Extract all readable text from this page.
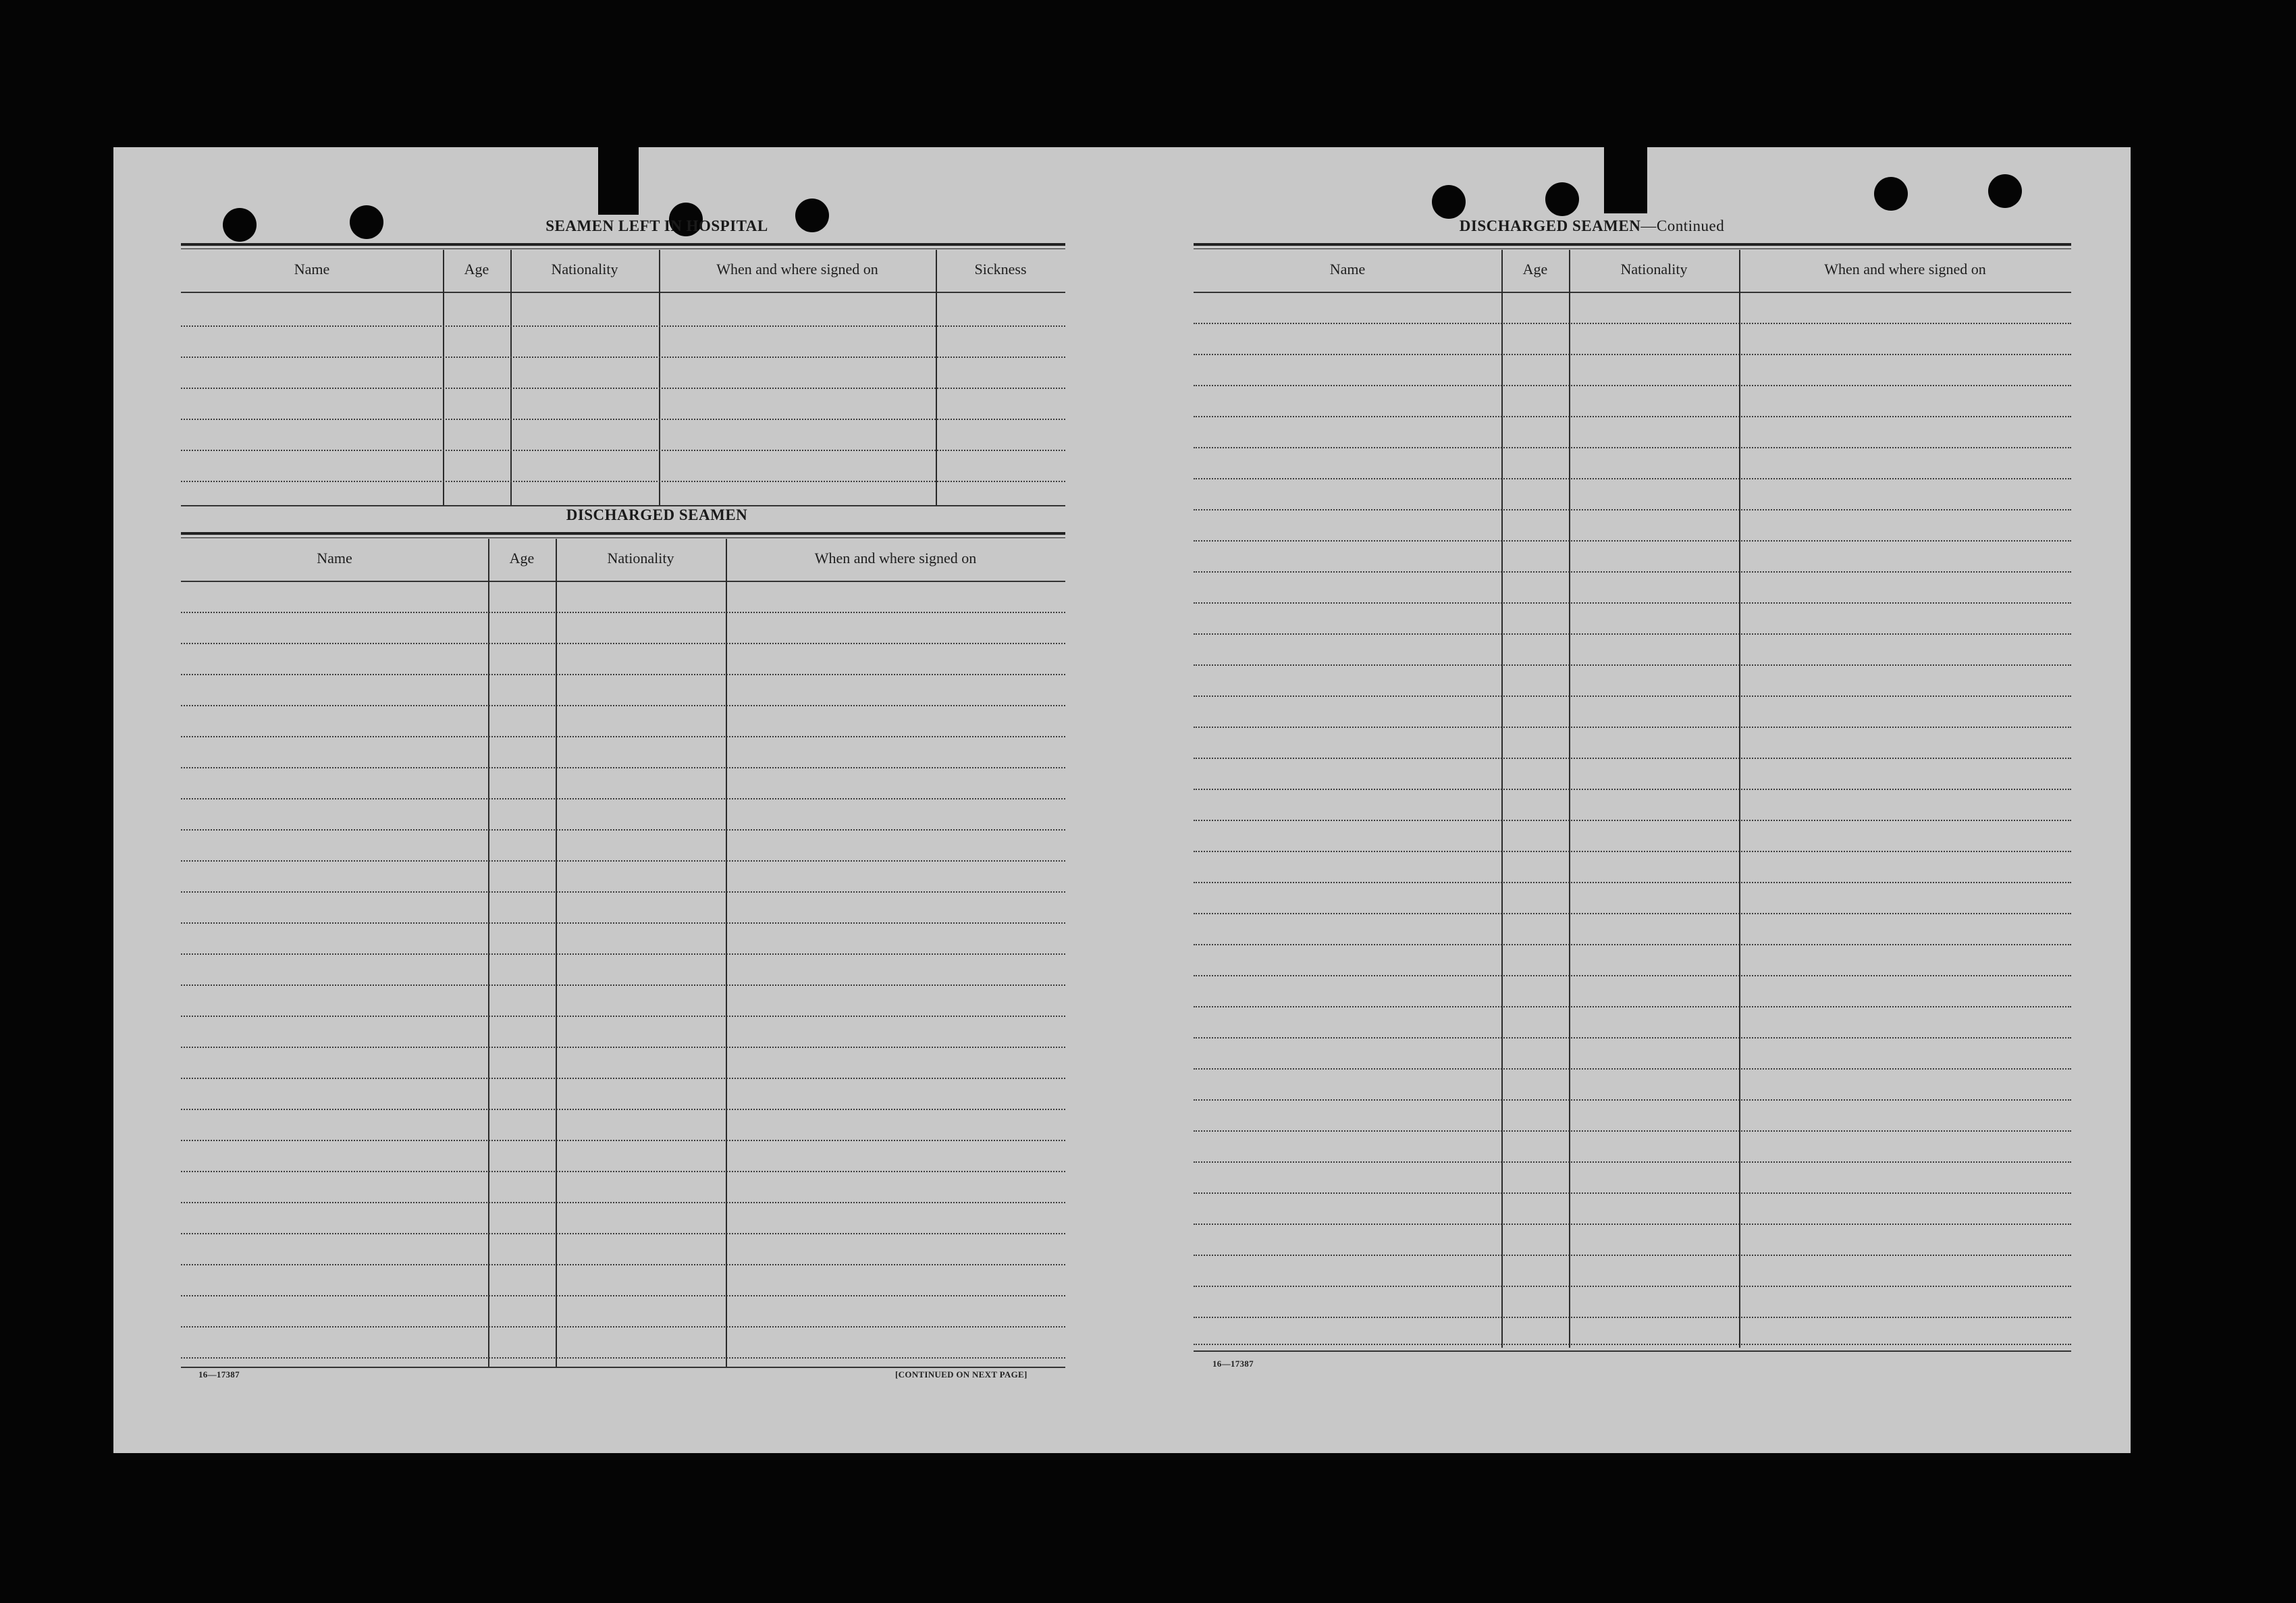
SEAMEN LEFT IN HOSPITAL
Name	Age	Nationality	When and where signed on	Sickness
DISCHARGED SEAMEN
Name	Age	Nationality	When and where signed on
16—17387	[CONTINUED ON NEXT PAGE]
DISCHARGED SEAMEN—Continued
Name	Age	Nationality	When and where signed on
16—17387
